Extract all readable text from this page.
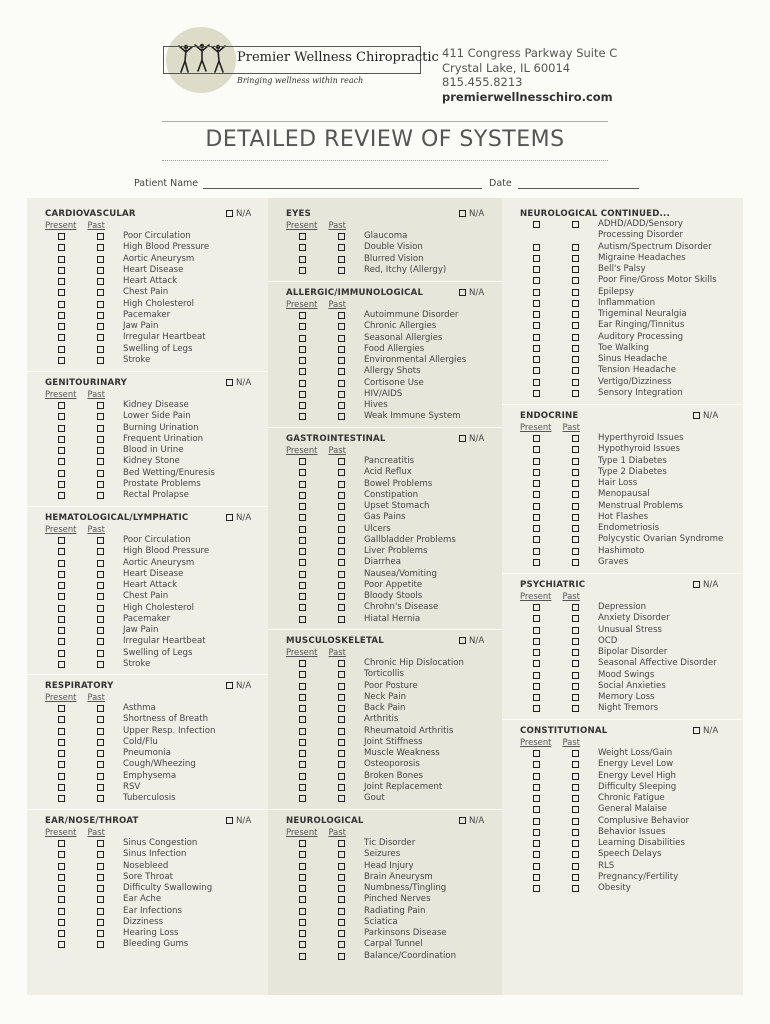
Premier Wellness Chiropractic
Bringing wellness within reach
411 Congress Parkway Suite C
Crystal Lake, IL 60014
815.455.8213
premierwellnesschiro.com
DETAILED REVIEW OF SYSTEMS
Patient Name	Date
CARDIOVASCULAR	N/A
Present Past
Poor Circulation
High Blood Pressure
Aortic Aneurysm
Heart Disease
Heart Attack
Chest Pain
High Cholesterol
Pacemaker
Jaw Pain
Irregular Heartbeat
Swelling of Legs
Stroke
GENITOURINARY	N/A
Present Past
Kidney Disease
Lower Side Pain
Burning Urination
Frequent Urination
Blood in Urine
Kidney Stone
Bed Wetting/Enuresis
Prostate Problems
Rectal Prolapse
HEMATOLOGICAL/LYMPHATIC	N/A
Present Past
Poor Circulation
High Blood Pressure
Aortic Aneurysm
Heart Disease
Heart Attack
Chest Pain
High Cholesterol
Pacemaker
Jaw Pain
Irregular Heartbeat
Swelling of Legs
Stroke
RESPIRATORY	N/A
Present Past
Asthma
Shortness of Breath
Upper Resp. Infection
Cold/Flu
Pneumonia
Cough/Wheezing
Emphysema
RSV
Tuberculosis
EAR/NOSE/THROAT	N/A
Present Past
Sinus Congestion
Sinus Infection
Nosebleed
Sore Throat
Difficulty Swallowing
Ear Ache
Ear Infections
Dizziness
Hearing Loss
Bleeding Gums
EYES	N/A
Present Past
Glaucoma
Double Vision
Blurred Vision
Red, Itchy (Allergy)
ALLERGIC/IMMUNOLOGICAL	N/A
Present Past
Autoimmune Disorder
Chronic Allergies
Seasonal Allergies
Food Allergies
Environmental Allergies
Allergy Shots
Cortisone Use
HIV/AIDS
Hives
Weak Immune System
GASTROINTESTINAL	N/A
Present Past
Pancreatitis
Acid Reflux
Bowel Problems
Constipation
Upset Stomach
Gas Pains
Ulcers
Gallbladder Problems
Liver Problems
Diarrhea
Nausea/Vomiting
Poor Appetite
Bloody Stools
Chrohn's Disease
Hiatal Hernia
MUSCULOSKELETAL	N/A
Present Past
Chronic Hip Dislocation
Torticollis
Poor Posture
Neck Pain
Back Pain
Arthritis
Rheumatoid Arthritis
Joint Stiffness
Muscle Weakness
Osteoporosis
Broken Bones
Joint Replacement
Gout
NEUROLOGICAL	N/A
Present Past
Tic Disorder
Seizures
Head Injury
Brain Aneurysm
Numbness/Tingling
Pinched Nerves
Radiating Pain
Sciatica
Parkinsons Disease
Carpal Tunnel
Balance/Coordination
NEUROLOGICAL CONTINUED...
ADHD/ADD/Sensory
Processing Disorder
Autism/Spectrum Disorder
Migraine Headaches
Bell's Palsy
Poor Fine/Gross Motor Skills
Epilepsy
Inflammation
Trigeminal Neuralgia
Ear Ringing/Tinnitus
Auditory Processing
Toe Walking
Sinus Headache
Tension Headache
Vertigo/Dizziness
Sensory Integration
ENDOCRINE	N/A
Present Past
Hyperthyroid Issues
Hypothyroid Issues
Type 1 Diabetes
Type 2 Diabetes
Hair Loss
Menopausal
Menstrual Problems
Hot Flashes
Endometriosis
Polycystic Ovarian Syndrome
Hashimoto
Graves
PSYCHIATRIC	N/A
Present Past
Depression
Anxiety Disorder
Unusual Stress
OCD
Bipolar Disorder
Seasonal Affective Disorder
Mood Swings
Social Anxieties
Memory Loss
Night Tremors
CONSTITUTIONAL	N/A
Present Past
Weight Loss/Gain
Energy Level Low
Energy Level High
Difficulty Sleeping
Chronic Fatigue
General Malaise
Complusive Behavior
Behavior Issues
Learning Disabilities
Speech Delays
RLS
Pregnancy/Fertility
Obesity
